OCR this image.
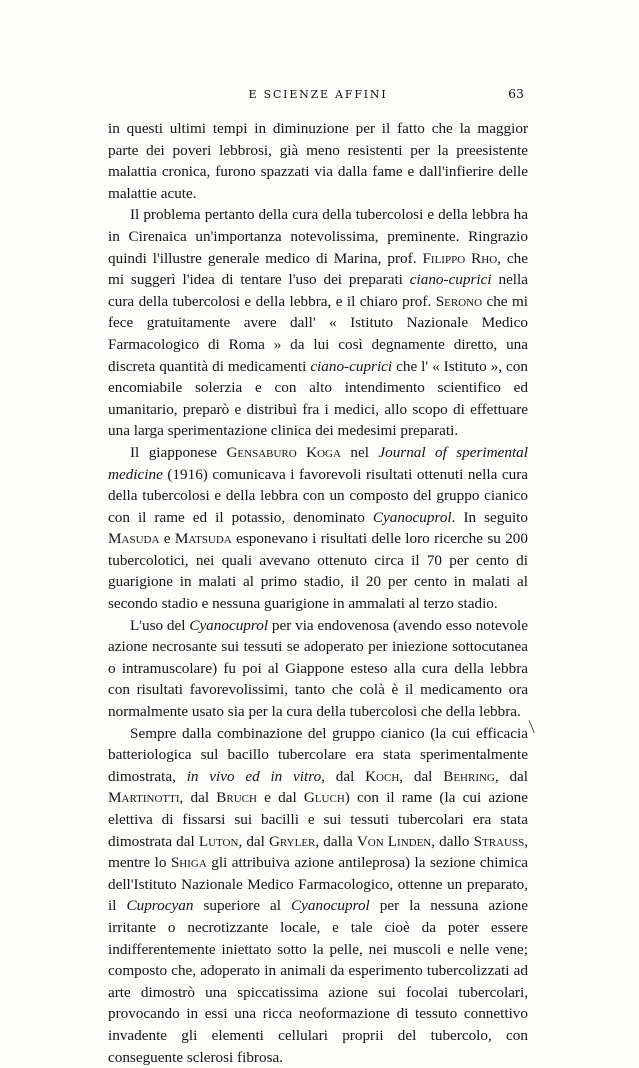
E SCIENZE AFFINI	63

in questi ultimi tempi in diminuzione per il fatto che la maggior parte dei poveri lebbrosi, già meno resistenti per la preesistente malattia cronica, furono spazzati via dalla fame e dall'infierire delle malattie acute.

Il problema pertanto della cura della tubercolosi e della lebbra ha in Cirenaica un'importanza notevolissima, preminente. Ringrazio quindi l'illustre generale medico di Marina, prof. Filippo Rho, che mi suggerì l'idea di tentare l'uso dei preparati ciano-cuprici nella cura della tubercolosi e della lebbra, e il chiaro prof. Serono che mi fece gratuitamente avere dall' « Istituto Nazionale Medico Farmacologico di Roma » da lui così degnamente diretto, una discreta quantità di medicamenti ciano-cuprici che l' « Istituto », con encomiabile solerzia e con alto intendimento scientifico ed umanitario, preparò e distribuì fra i medici, allo scopo di effettuare una larga sperimentazione clinica dei medesimi preparati.

Il giapponese Gensaburo Koga nel Journal of sperimental medicine (1916) comunicava i favorevoli risultati ottenuti nella cura della tubercolosi e della lebbra con un composto del gruppo cianico con il rame ed il potassio, denominato Cyanocuprol. In seguito Masuda e Matsuda esponevano i risultati delle loro ricerche su 200 tubercolotici, nei quali avevano ottenuto circa il 70 per cento di guarigione in malati al primo stadio, il 20 per cento in malati al secondo stadio e nessuna guarigione in ammalati al terzo stadio.

L'uso del Cyanocuprol per via endovenosa (avendo esso notevole azione necrosante sui tessuti se adoperato per iniezione sottocutanea o intramuscolare) fu poi al Giappone esteso alla cura della lebbra con risultati favorevolissimi, tanto che colà è il medicamento ora normalmente usato sia per la cura della tubercolosi che della lebbra.

Sempre dalla combinazione del gruppo cianico (la cui efficacia batteriologica sul bacillo tubercolare era stata sperimentalmente dimostrata, in vivo ed in vitro, dal Koch, dal Behring, dal Martinotti, dal Bruch e dal Gluch) con il rame (la cui azione elettiva di fissarsi sui bacilli e sui tessuti tubercolari era stata dimostrata dal Luton, dal Gryler, dalla Von Linden, dallo Strauss, mentre lo Shiga gli attribuiva azione antileprosa) la sezione chimica dell'Istituto Nazionale Medico Farmacologico, ottenne un preparato, il Cuprocyan superiore al Cyanocuprol per la nessuna azione irritante o necrotizzante locale, e tale cioè da poter essere indifferentemente iniettato sotto la pelle, nei muscoli e nelle vene; composto che, adoperato in animali da esperimento tubercolizzati ad arte dimostrò una spiccatissima azione sui focolai tubercolari, provocando in essi una ricca neoformazione di tessuto connettivo invadente gli elementi cellulari proprii del tubercolo, con conseguente sclerosi fibrosa.
